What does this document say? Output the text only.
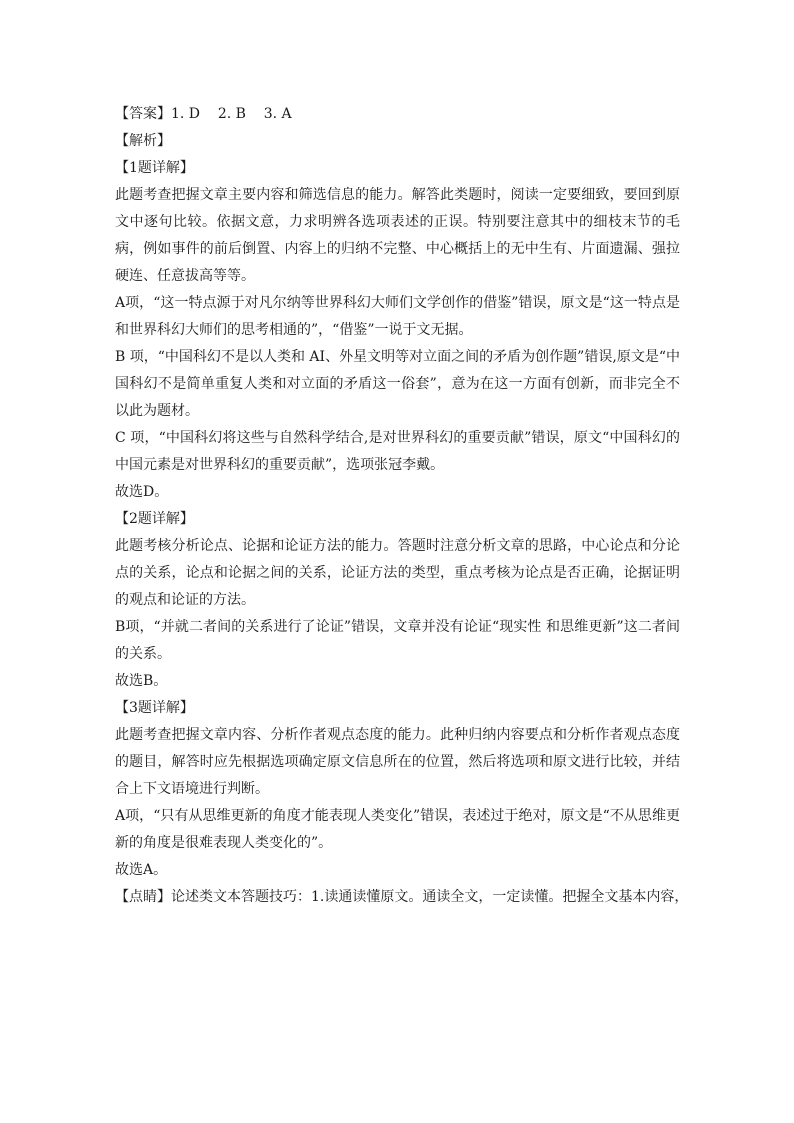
【答案】1. D    2. B    3. A

【解析】

【1题详解】

此题考查把握文章主要内容和筛选信息的能力。解答此类题时，阅读一定要细致，要回到原文中逐句比较。依据文意，力求明辨各选项表述的正误。特别要注意其中的细枝末节的毛病，例如事件的前后倒置、内容上的归纳不完整、中心概括上的无中生有、片面遗漏、强拉硬连、任意拔高等等。

A项，“这一特点源于对凡尔纳等世界科幻大师们文学创作的借鉴”错误，原文是“这一特点是和世界科幻大师们的思考相通的”，“借鉴”一说于文无据。

B 项，“中国科幻不是以人类和 AI、外星文明等对立面之间的矛盾为创作题”错误,原文是“中国科幻不是简单重复人类和对立面的矛盾这一俗套”，意为在这一方面有创新，而非完全不以此为题材。

C 项，“中国科幻将这些与自然科学结合,是对世界科幻的重要贡献”错误，原文“中国科幻的中国元素是对世界科幻的重要贡献”，选项张冠李戴。

故选D。

【2题详解】

此题考核分析论点、论据和论证方法的能力。答题时注意分析文章的思路，中心论点和分论点的关系，论点和论据之间的关系，论证方法的类型，重点考核为论点是否正确，论据证明的观点和论证的方法。

B项，“并就二者间的关系进行了论证”错误，文章并没有论证“现实性 和思维更新”这二者间的关系。

故选B。

【3题详解】

此题考查把握文章内容、分析作者观点态度的能力。此种归纳内容要点和分析作者观点态度的题目，解答时应先根据选项确定原文信息所在的位置，然后将选项和原文进行比较，并结合上下文语境进行判断。

A项，“只有从思维更新的角度才能表现人类变化”错误，表述过于绝对，原文是“不从思维更新的角度是很难表现人类变化的”。

故选A。

【点睛】论述类文本答题技巧：1.读通读懂原文。通读全文，一定读懂。把握全文基本内容，
